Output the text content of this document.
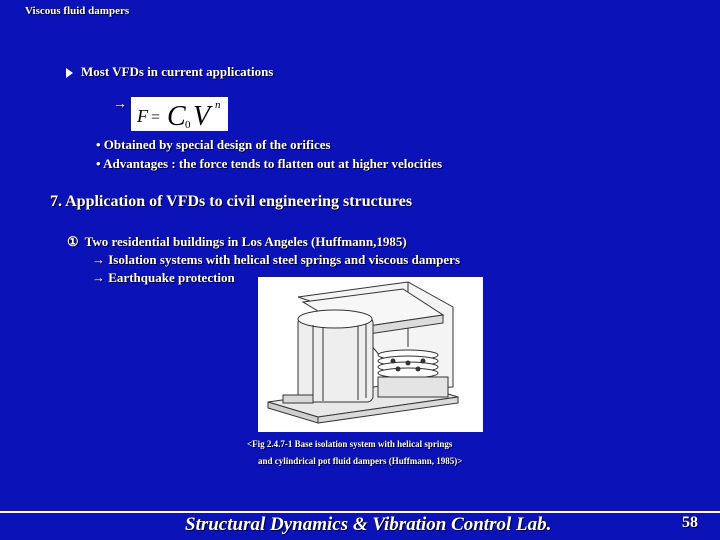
Viscous fluid dampers
Most VFDs in current applications
→
F = C 0 V n
• Obtained by special design of the orifices
• Advantages : the force tends to flatten out at higher velocities
7. Application of VFDs to civil engineering structures
① Two residential buildings in Los Angeles (Huffmann,1985)
→ Isolation systems with helical steel springs and viscous dampers
→ Earthquake protection
<Fig 2.4.7-1 Base isolation system with helical springs
and cylindrical pot fluid dampers (Huffmann, 1985)>
Structural Dynamics & Vibration Control Lab.	58
